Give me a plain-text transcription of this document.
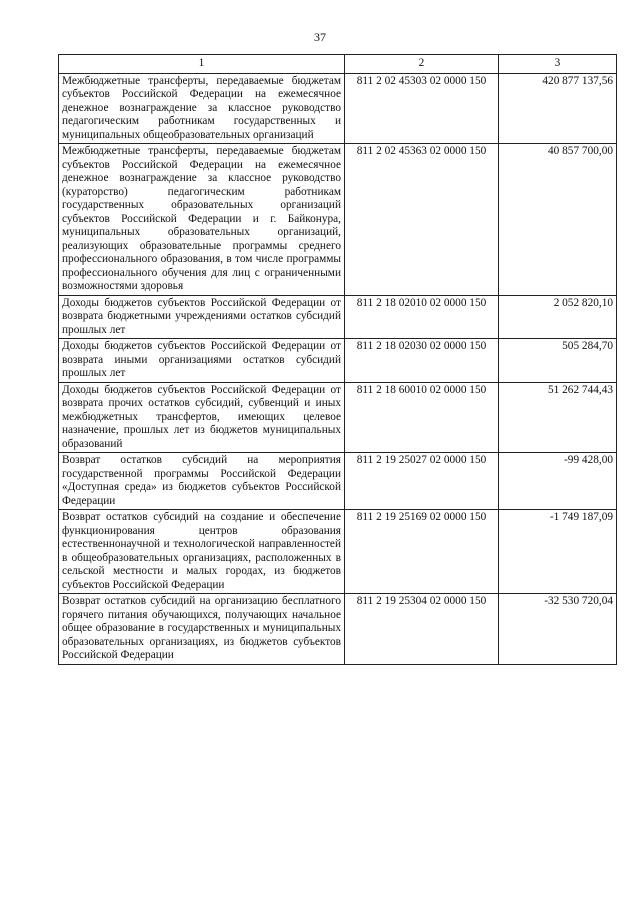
37
1	2	3
Межбюджетные трансферты, передаваемые бюджетам субъектов Российской Федерации на ежемесячное денежное вознаграждение за классное руководство педагогическим работникам государственных и муниципальных общеобразовательных организаций	811 2 02 45303 02 0000 150	420 877 137,56
Межбюджетные трансферты, передаваемые бюджетам субъектов Российской Федерации на ежемесячное денежное вознаграждение за классное руководство (кураторство) педагогическим работникам государственных образовательных организаций субъектов Российской Федерации и г. Байконура, муниципальных образовательных организаций, реализующих образовательные программы среднего профессионального образования, в том числе программы профессионального обучения для лиц с ограниченными возможностями здоровья	811 2 02 45363 02 0000 150	40 857 700,00
Доходы бюджетов субъектов Российской Федерации от возврата бюджетными учреждениями остатков субсидий прошлых лет	811 2 18 02010 02 0000 150	2 052 820,10
Доходы бюджетов субъектов Российской Федерации от возврата иными организациями остатков субсидий прошлых лет	811 2 18 02030 02 0000 150	505 284,70
Доходы бюджетов субъектов Российской Федерации от возврата прочих остатков субсидий, субвенций и иных межбюджетных трансфертов, имеющих целевое назначение, прошлых лет из бюджетов муниципальных образований	811 2 18 60010 02 0000 150	51 262 744,43
Возврат остатков субсидий на мероприятия государственной программы Российской Федерации «Доступная среда» из бюджетов субъектов Российской Федерации	811 2 19 25027 02 0000 150	-99 428,00
Возврат остатков субсидий на создание и обеспечение функционирования центров образования естественнонаучной и технологической направленностей в общеобразовательных организациях, расположенных в сельской местности и малых городах, из бюджетов субъектов Российской Федерации	811 2 19 25169 02 0000 150	-1 749 187,09
Возврат остатков субсидий на организацию бесплатного горячего питания обучающихся, получающих начальное общее образование в государственных и муниципальных образовательных организациях, из бюджетов субъектов Российской Федерации	811 2 19 25304 02 0000 150	-32 530 720,04
